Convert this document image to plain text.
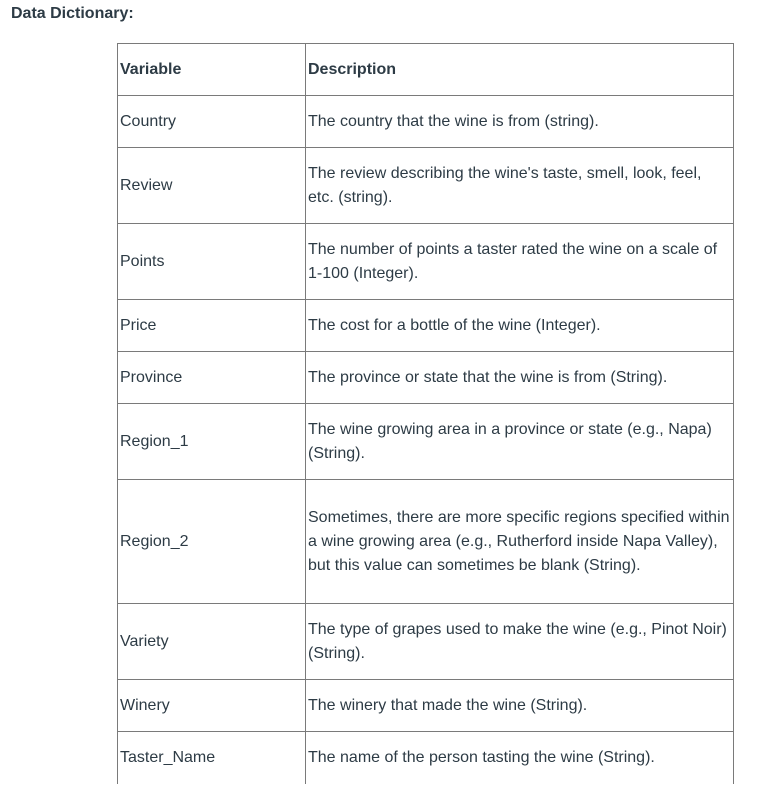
Data Dictionary:
Variable	Description
Country	The country that the wine is from (string).
Review	The review describing the wine's taste, smell, look, feel, etc. (string).
Points	The number of points a taster rated the wine on a scale of 1-100 (Integer).
Price	The cost for a bottle of the wine (Integer).
Province	The province or state that the wine is from (String).
Region_1	The wine growing area in a province or state (e.g., Napa) (String).
Region_2	Sometimes, there are more specific regions specified within a wine growing area (e.g., Rutherford inside Napa Valley), but this value can sometimes be blank (String).
Variety	The type of grapes used to make the wine (e.g., Pinot Noir) (String).
Winery	The winery that made the wine (String).
Taster_Name	The name of the person tasting the wine (String).
